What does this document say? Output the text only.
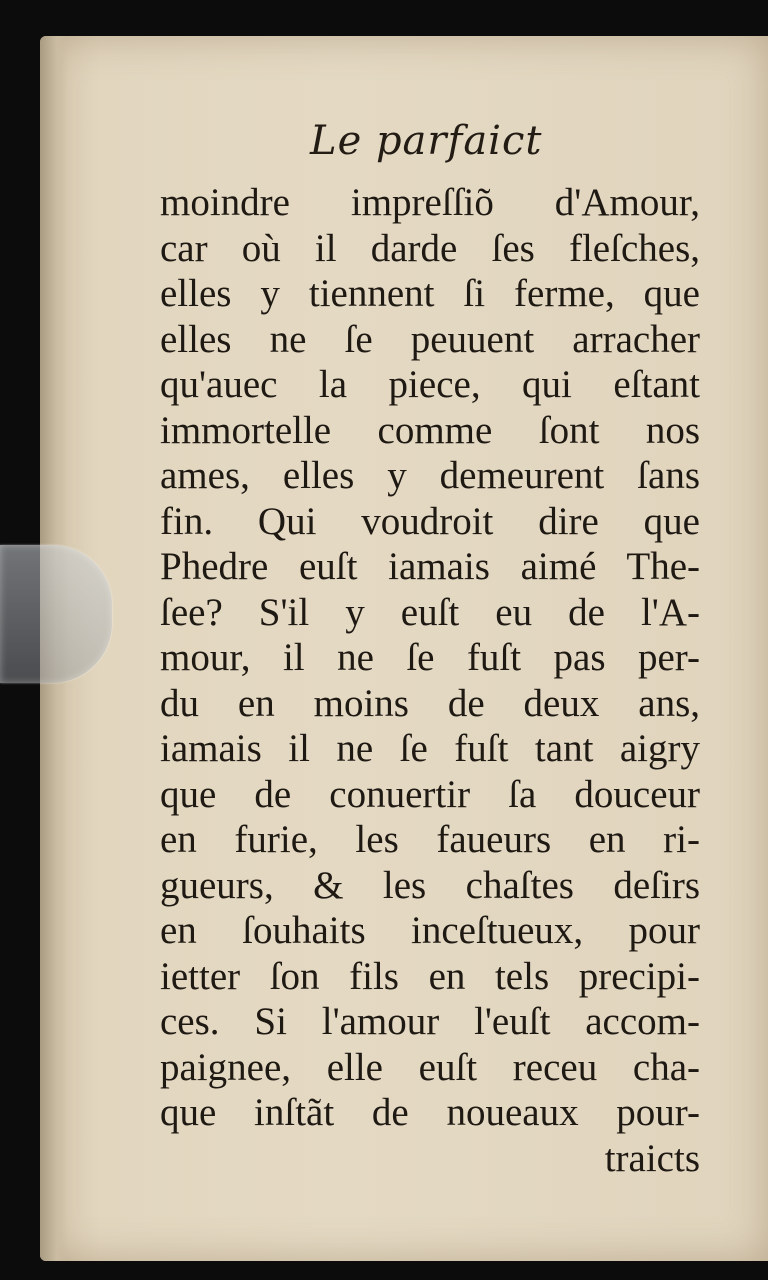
Le parfaict
moindre impreſſiõ d'Amour,
car où il darde ſes fleſches,
elles y tiennent ſi ferme, que
elles ne ſe peuuent arracher
qu'auec la piece, qui eſtant
immortelle comme ſont nos
ames, elles y demeurent ſans
fin. Qui voudroit dire que
Phedre euſt iamais aimé The-
ſee? S'il y euſt eu de l'A-
mour, il ne ſe fuſt pas per-
du en moins de deux ans,
iamais il ne ſe fuſt tant aigry
que de conuertir ſa douceur
en furie, les faueurs en ri-
gueurs, & les chaſtes deſirs
en ſouhaits inceſtueux, pour
ietter ſon fils en tels precipi-
ces. Si l'amour l'euſt accom-
paignee, elle euſt receu cha-
que inſtãt de noueaux pour-
traicts
